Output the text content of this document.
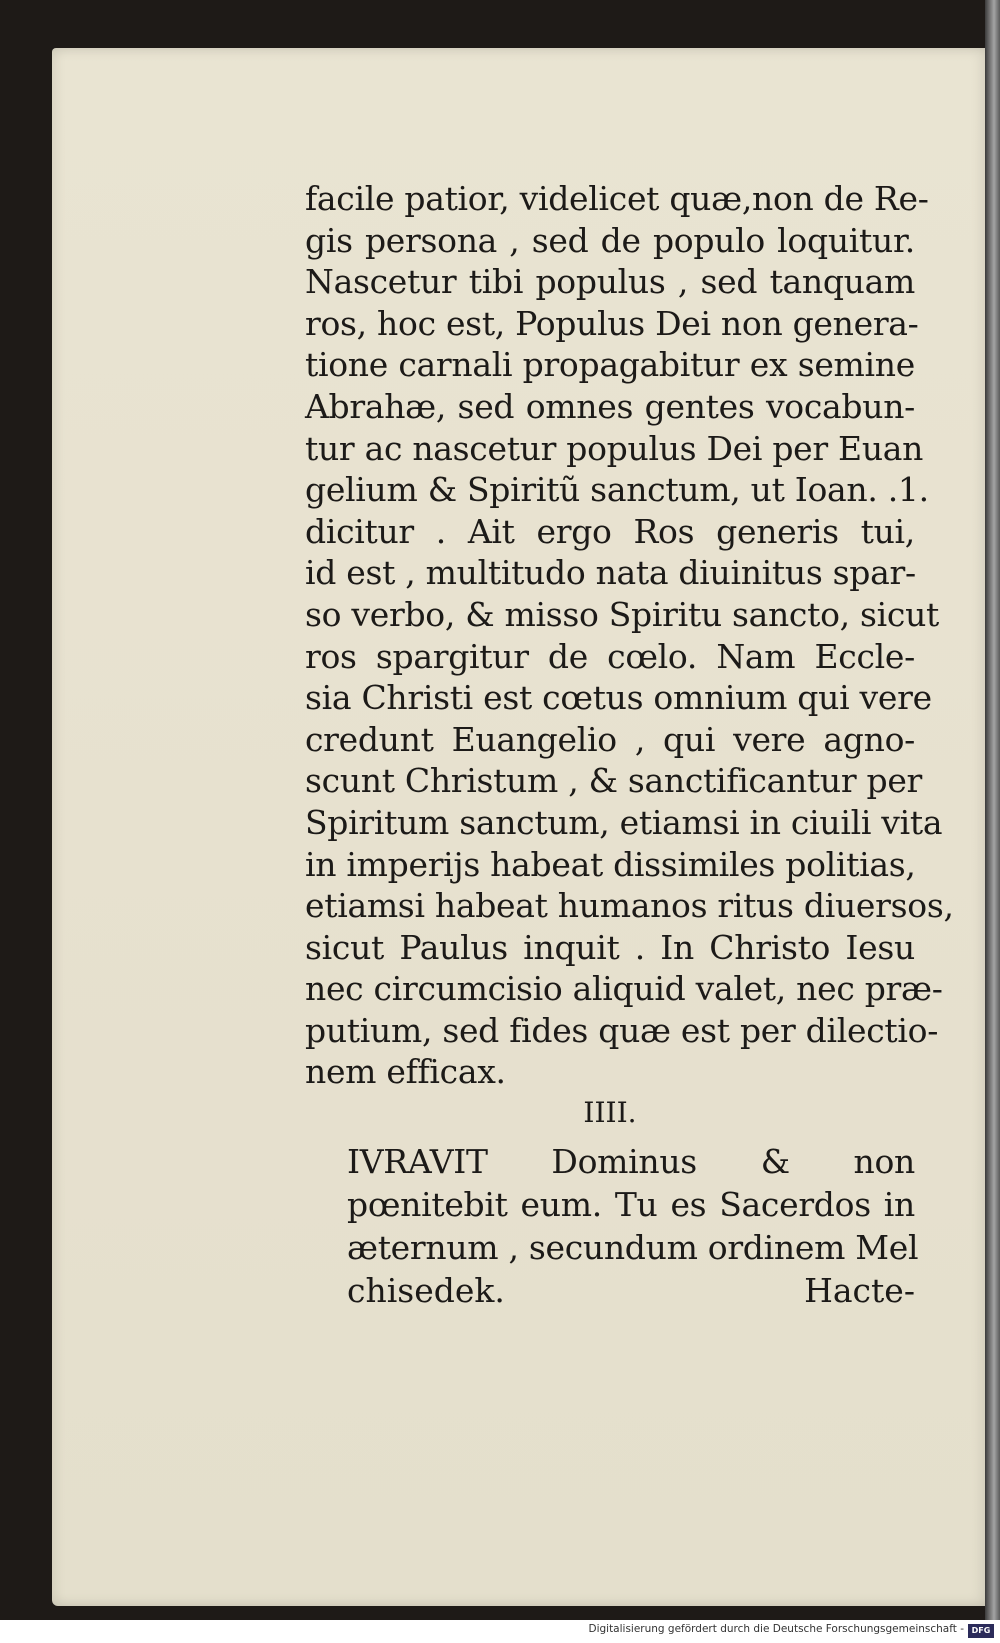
facile patior, videlicet quæ,non de Re-
gis persona , sed de populo loquitur.
Nascetur tibi populus , sed tanquam
ros, hoc est, Populus Dei non genera-
tione carnali propagabitur ex semine
Abrahæ, sed omnes gentes vocabun-
tur ac nascetur populus Dei per Euan
gelium & Spiritũ sanctum, ut Ioan. .1.
dicitur . Ait ergo Ros generis tui,
id est , multitudo nata diuinitus spar-
so verbo, & misso Spiritu sancto, sicut
ros spargitur de cœlo. Nam Eccle-
sia Christi est cœtus omnium qui vere
credunt Euangelio , qui vere agno-
scunt Christum , & sanctificantur per
Spiritum sanctum, etiamsi in ciuili vita
in imperijs habeat dissimiles politias,
etiamsi habeat humanos ritus diuersos,
sicut Paulus inquit . In Christo Iesu
nec circumcisio aliquid valet, nec præ-
putium, sed fides quæ est per dilectio-
nem efficax.
IIII.
IVRAVIT Dominus & non
pœnitebit eum. Tu es Sacerdos in
æternum , secundum ordinem Mel
chisedek.	Hacte-
Digitalisierung gefördert durch die Deutsche Forschungsgemeinschaft - DFG
